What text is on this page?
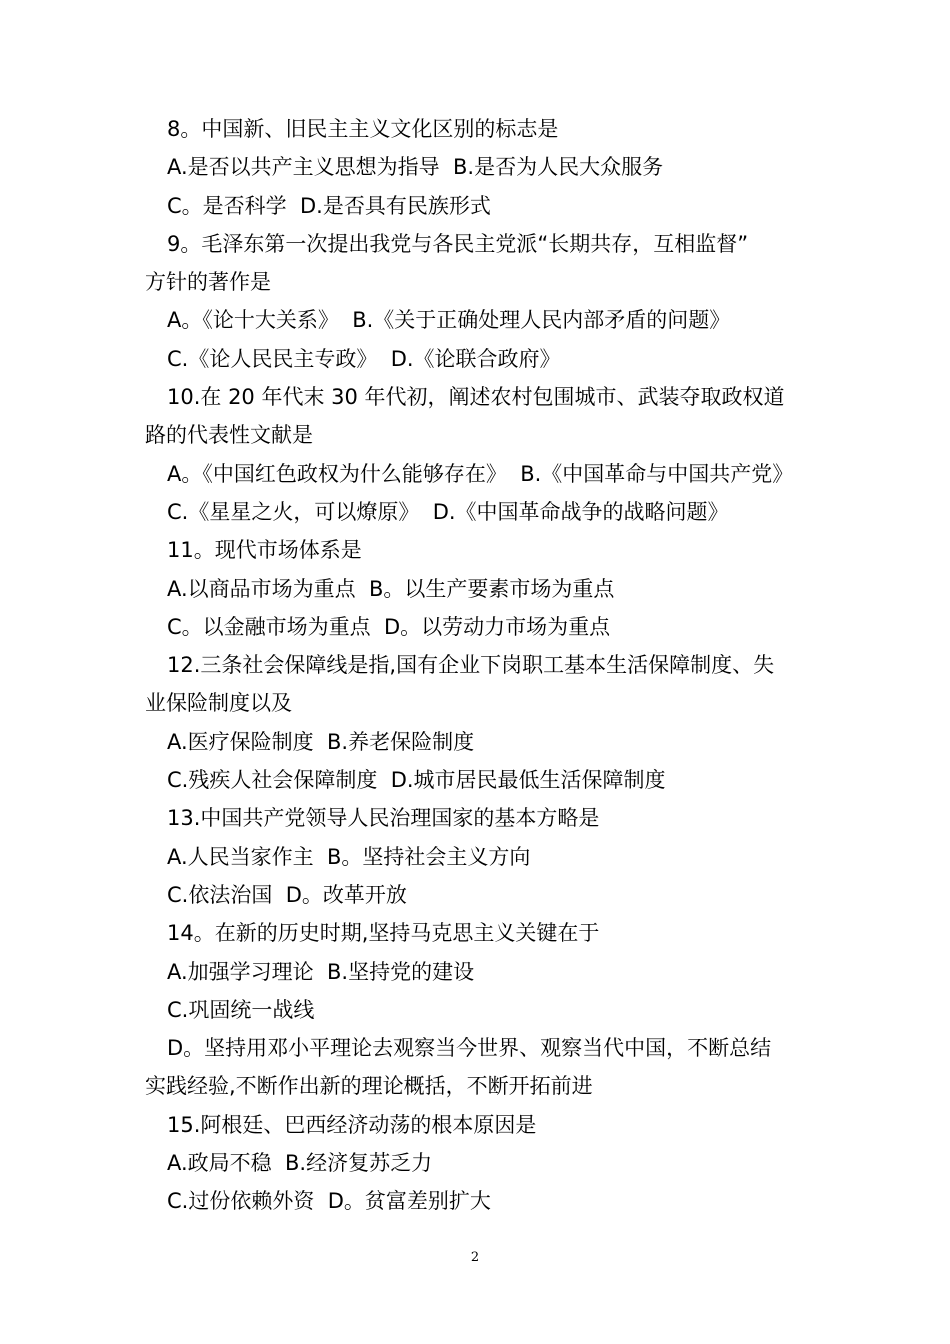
8。中国新、旧民主主义文化区别的标志是
A.是否以共产主义思想为指导  B.是否为人民大众服务
C。是否科学  D.是否具有民族形式
9。毛泽东第一次提出我党与各民主党派“长期共存，互相监督”
方针的著作是
A。《论十大关系》  B.《关于正确处理人民内部矛盾的问题》
C.《论人民民主专政》  D.《论联合政府》
10.在 20 年代末 30 年代初，阐述农村包围城市、武装夺取政权道
路的代表性文献是
A。《中国红色政权为什么能够存在》  B.《中国革命与中国共产党》
C.《星星之火，可以燎原》  D.《中国革命战争的战略问题》
11。现代市场体系是
A.以商品市场为重点  B。以生产要素市场为重点
C。以金融市场为重点  D。以劳动力市场为重点
12.三条社会保障线是指,国有企业下岗职工基本生活保障制度、失
业保险制度以及
A.医疗保险制度  B.养老保险制度
C.残疾人社会保障制度  D.城市居民最低生活保障制度
13.中国共产党领导人民治理国家的基本方略是
A.人民当家作主  B。坚持社会主义方向
C.依法治国  D。改革开放
14。在新的历史时期,坚持马克思主义关键在于
A.加强学习理论  B.坚持党的建设
C.巩固统一战线
D。坚持用邓小平理论去观察当今世界、观察当代中国，不断总结
实践经验,不断作出新的理论概括，不断开拓前进
15.阿根廷、巴西经济动荡的根本原因是
A.政局不稳  B.经济复苏乏力
C.过份依赖外资  D。贫富差别扩大
2
